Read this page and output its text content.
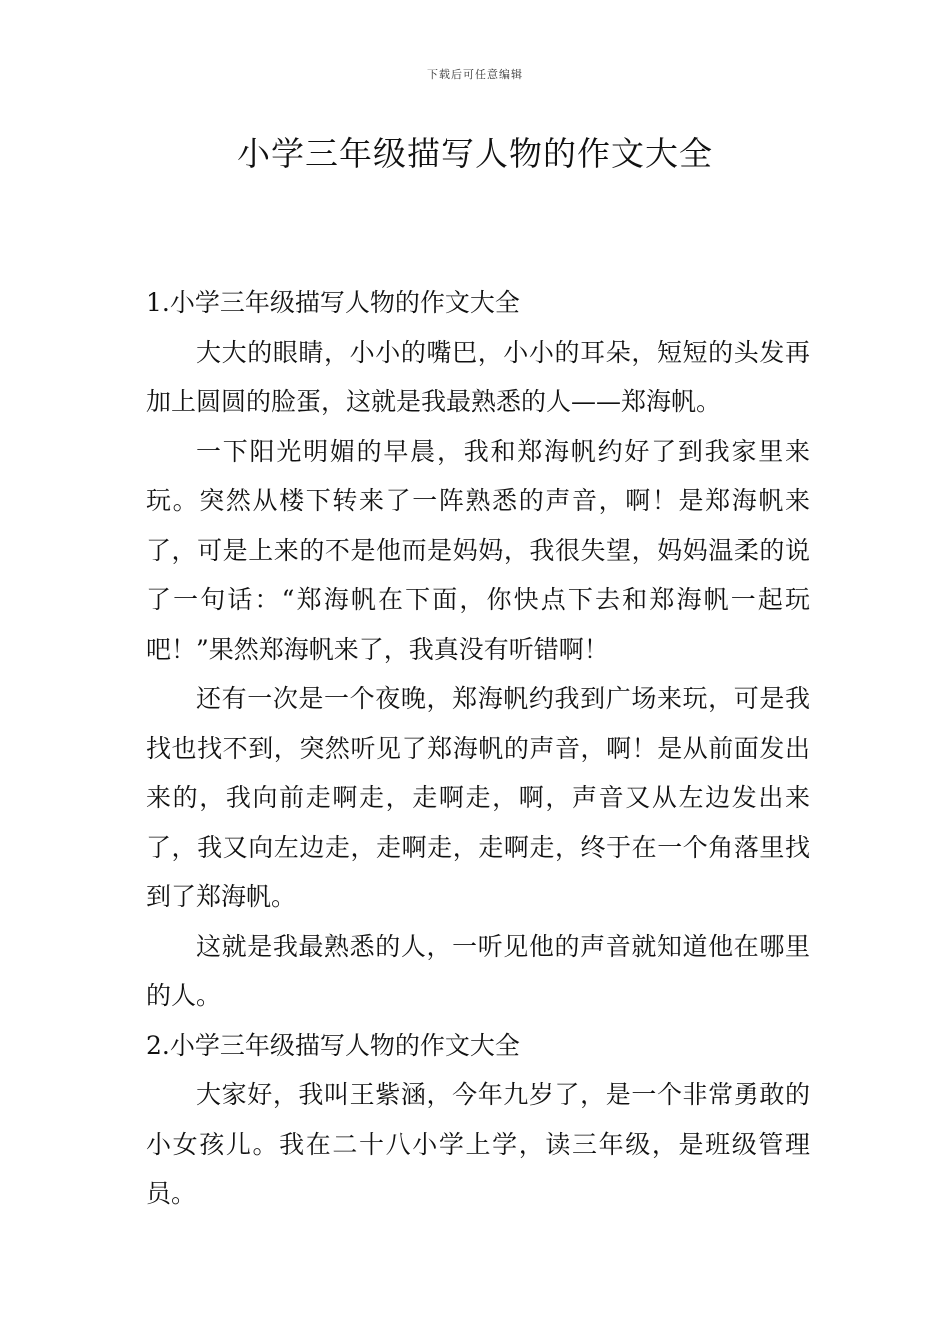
下载后可任意编辑
小学三年级描写人物的作文大全

1.小学三年级描写人物的作文大全

大大的眼睛，小小的嘴巴，小小的耳朵，短短的头发再加上圆圆的脸蛋，这就是我最熟悉的人——郑海帆。

一下阳光明媚的早晨，我和郑海帆约好了到我家里来玩。突然从楼下转来了一阵熟悉的声音，啊！是郑海帆来了，可是上来的不是他而是妈妈，我很失望，妈妈温柔的说了一句话：“郑海帆在下面，你快点下去和郑海帆一起玩吧！”果然郑海帆来了，我真没有听错啊！

还有一次是一个夜晚，郑海帆约我到广场来玩，可是我找也找不到，突然听见了郑海帆的声音，啊！是从前面发出来的，我向前走啊走，走啊走，啊，声音又从左边发出来了，我又向左边走，走啊走，走啊走，终于在一个角落里找到了郑海帆。

这就是我最熟悉的人，一听见他的声音就知道他在哪里的人。

2.小学三年级描写人物的作文大全

大家好，我叫王紫涵，今年九岁了，是一个非常勇敢的小女孩儿。我在二十八小学上学，读三年级，是班级管理员。
